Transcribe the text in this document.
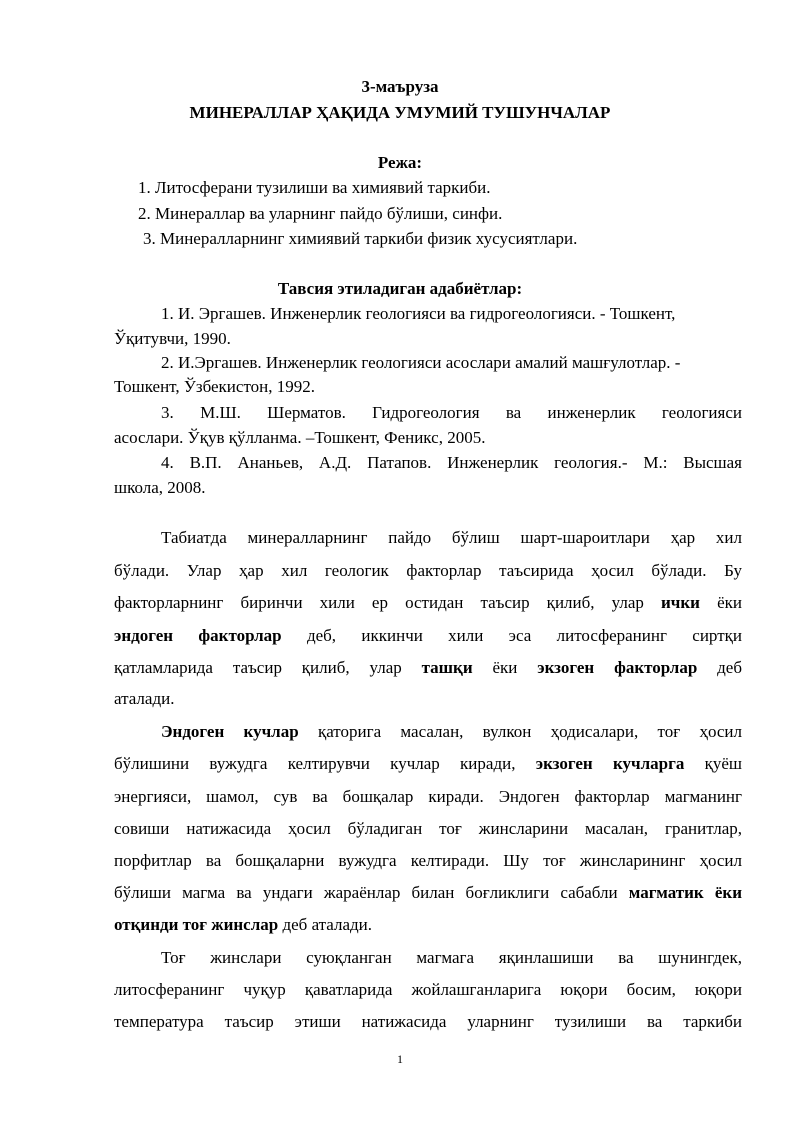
3-маъруза
МИНЕРАЛЛАР ҲАҚИДА УМУМИЙ ТУШУНЧАЛАР
Режа:
1. Литосферани тузилиши ва химиявий таркиби.
2. Минераллар ва уларнинг пайдо бўлиши, синфи.
3. Минералларнинг химиявий таркиби физик хусусиятлари.
Тавсия этиладиган адабиётлар:
1. И. Эргашев. Инженерлик геологияси ва гидрогеологияси. - Тошкент,
Ўқитувчи, 1990.
2. И.Эргашев. Инженерлик геологияси асослари амалий машғулотлар. -
Тошкент, Ўзбекистон, 1992.
3. М.Ш. Шерматов. Гидрогеология ва инженерлик геологияси
асослари. Ўқув қўлланма. –Тошкент, Феникс, 2005.
4. В.П. Ананьев, А.Д. Патапов. Инженерлик геология.- М.: Высшая
школа, 2008.
Табиатда минералларнинг пайдо бўлиш шарт-шароитлари ҳар хил
бўлади. Улар ҳар хил геологик факторлар таъсирида ҳосил бўлади. Бу
факторларнинг биринчи хили ер остидан таъсир қилиб, улар ички ёки
эндоген факторлар деб, иккинчи хили эса литосферанинг сиртқи
қатламларида таъсир қилиб, улар ташқи ёки экзоген факторлар деб
аталади.
Эндоген кучлар қаторига масалан, вулкон ҳодисалари, тоғ ҳосил
бўлишини вужудга келтирувчи кучлар киради, экзоген кучларга қуёш
энергияси, шамол, сув ва бошқалар киради. Эндоген факторлар магманинг
совиши натижасида ҳосил бўладиган тоғ жинсларини масалан, гранитлар,
порфитлар ва бошқаларни вужудга келтиради. Шу тоғ жинсларининг ҳосил
бўлиши магма ва ундаги жараёнлар билан боғликлиги сабабли магматик ёки
отқинди тоғ жинслар деб аталади.
Тоғ жинслари суюқланган магмага яқинлашиши ва шунингдек,
литосферанинг чуқур қаватларида жойлашганларига юқори босим, юқори
температура таъсир этиши натижасида уларнинг тузилиши ва таркиби
1
